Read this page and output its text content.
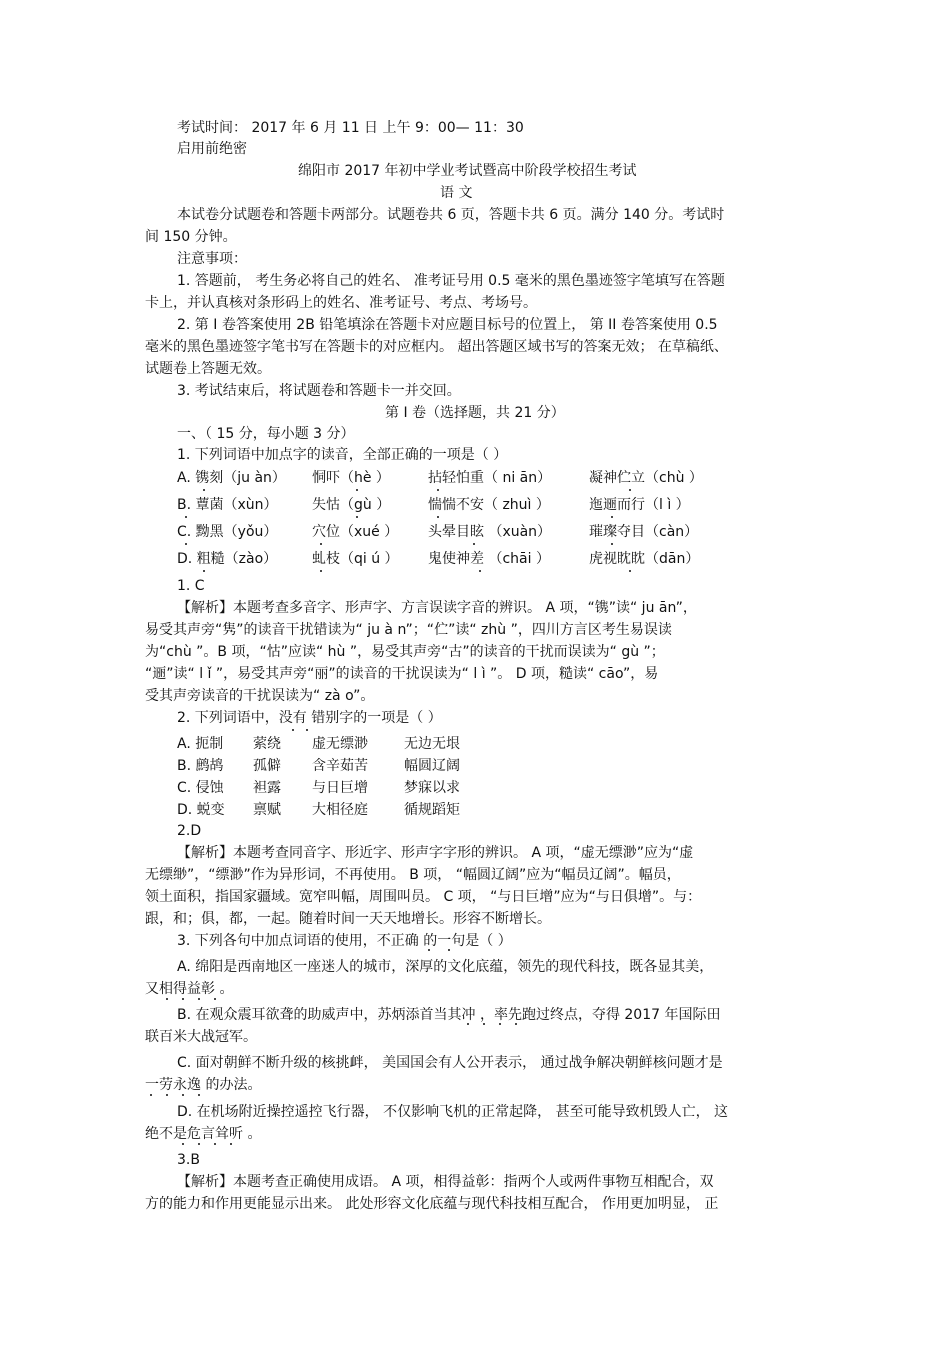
考试时间： 2017 年 6 月 11 日 上午 9：00— 11：30
启用前绝密
绵阳市 2017 年初中学业考试暨高中阶段学校招生考试
语 文
本试卷分试题卷和答题卡两部分。试题卷共 6 页，答题卡共 6 页。满分 140 分。考试时
间 150 分钟。
注意事项：
1. 答题前， 考生务必将自己的姓名、 准考证号用 0.5 毫米的黑色墨迹签字笔填写在答题
卡上，并认真核对条形码上的姓名、准考证号、考点、考场号。
2. 第 I 卷答案使用 2B 铅笔填涂在答题卡对应题目标号的位置上， 第 II 卷答案使用 0.5
毫米的黑色墨迹签字笔书写在答题卡的对应框内。 超出答题区域书写的答案无效； 在草稿纸、
试题卷上答题无效。
3. 考试结束后，将试题卷和答题卡一并交回。
第 I 卷（选择题，共 21 分）
一、（ 15 分，每小题 3 分）
1. 下列词语中加点字的读音，全部正确的一项是（ ）
A. 镌刻（ju àn） 恫吓（hè ）	拈轻怕重（ ni ān）	凝神伫立（chù ）
B. 蕈菌（xùn） 失怙（gù ）	惴惴不安（ zhuì ）	迤逦而行（l ì ）
C. 黝黑（yǒu） 穴位（xué ） 头晕目眩 （xuàn）	璀璨夺目（càn）
D. 粗糙（zào） 虬枝（qi ú ） 鬼使神差 （chāi ）	虎视眈眈（dān）
1. C
【解析】本题考查多音字、形声字、方言误读字音的辨识。 A 项，“镌”读“ ju ān”，
易受其声旁“隽”的读音干扰错读为“ ju à n”；“伫”读“ zhù ”，四川方言区考生易误读
为“chù ”。B 项，“怙”应读“ hù ”，易受其声旁“古”的读音的干扰而误读为“ gù ”；
“逦”读“ l ǐ ”，易受其声旁“丽”的读音的干扰误读为“ l ì ”。 D 项，糙读“ cāo”，易
受其声旁读音的干扰误读为“ zà o”。
2. 下列词语中，没有 错别字的一项是（ ）
A. 扼制 萦绕 虚无缥渺	无边无垠
B. 鹧鸪 孤僻 含辛茹苦	幅圆辽阔
C. 侵蚀 袒露 与日巨增	梦寐以求
D. 蜕变 禀赋 大相径庭	循规蹈矩
2.D
【解析】本题考查同音字、形近字、形声字字形的辨识。 A 项，“虚无缥渺”应为“虚
无缥缈”，“缥渺”作为异形词，不再使用。 B 项， “幅圆辽阔”应为“幅员辽阔”。幅员，
领土面积，指国家疆域。宽窄叫幅，周围叫员。 C 项， “与日巨增”应为“与日俱增”。与：
跟，和；俱，都，一起。随着时间一天天地增长。形容不断增长。
3. 下列各句中加点词语的使用，不正确 的一句是（ ）
A. 绵阳是西南地区一座迷人的城市，深厚的文化底蕴，领先的现代科技，既各显其美，
又相得益彰 。
B. 在观众震耳欲聋的助威声中，苏炳添首当其冲 ，率先跑过终点，夺得 2017 年国际田
联百米大战冠军。
C. 面对朝鲜不断升级的核挑衅， 美国国会有人公开表示， 通过战争解决朝鲜核问题才是
一劳永逸 的办法。
D. 在机场附近操控遥控飞行器， 不仅影响飞机的正常起降， 甚至可能导致机毁人亡， 这
绝不是危言耸听 。
3.B
【解析】本题考查正确使用成语。 A 项，相得益彰：指两个人或两件事物互相配合，双
方的能力和作用更能显示出来。 此处形容文化底蕴与现代科技相互配合， 作用更加明显， 正
